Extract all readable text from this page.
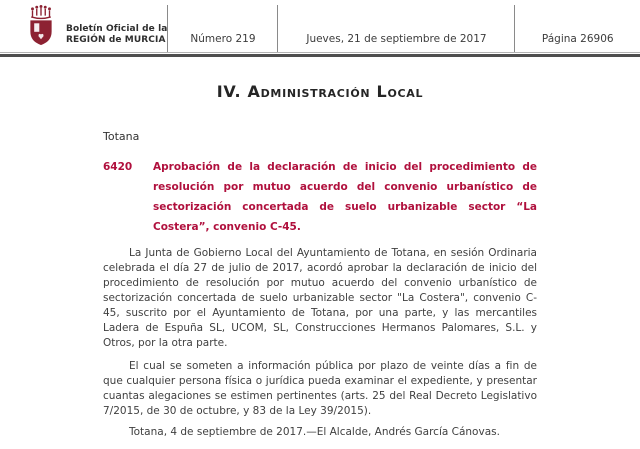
Boletín Oficial de la
REGIÓN de MURCIA	Número 219	Jueves, 21 de septiembre de 2017	Página 26906
IV. Administración Local
Totana
6420	Aprobación de la declaración de inicio del procedimiento de resolución por mutuo acuerdo del convenio urbanístico de sectorización concertada de suelo urbanizable sector “La Costera”, convenio C-45.

La Junta de Gobierno Local del Ayuntamiento de Totana, en sesión Ordinaria celebrada el día 27 de julio de 2017, acordó aprobar la declaración de inicio del procedimiento de resolución por mutuo acuerdo del convenio urbanístico de sectorización concertada de suelo urbanizable sector "La Costera", convenio C-45, suscrito por el Ayuntamiento de Totana, por una parte, y las mercantiles Ladera de Espuña SL, UCOM, SL, Construcciones Hermanos Palomares, S.L. y Otros, por la otra parte.

El cual se someten a información pública por plazo de veinte días a fin de que cualquier persona física o jurídica pueda examinar el expediente, y presentar cuantas alegaciones se estimen pertinentes (arts. 25 del Real Decreto Legislativo 7/2015, de 30 de octubre, y 83 de la Ley 39/2015).

Totana, 4 de septiembre de 2017.—El Alcalde, Andrés García Cánovas.
